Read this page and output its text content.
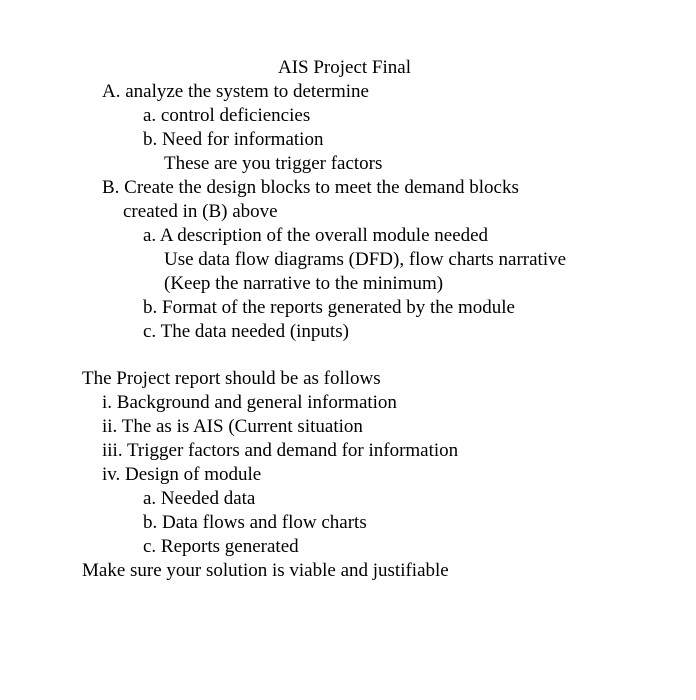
AIS Project Final
A. analyze the system to determine
a. control deficiencies
b. Need for information
These are you trigger factors
B. Create the design blocks to meet the demand blocks
created in (B) above
a. A description of the overall module needed
Use data flow diagrams (DFD), flow charts narrative
(Keep the narrative to the minimum)
b. Format of the reports generated by the module
c. The data needed (inputs)
The Project report should be as follows
i. Background and general information
ii. The as is AIS (Current situation
iii. Trigger factors and demand for information
iv. Design of module
a. Needed data
b. Data flows and flow charts
c. Reports generated
Make sure your solution is viable and justifiable
